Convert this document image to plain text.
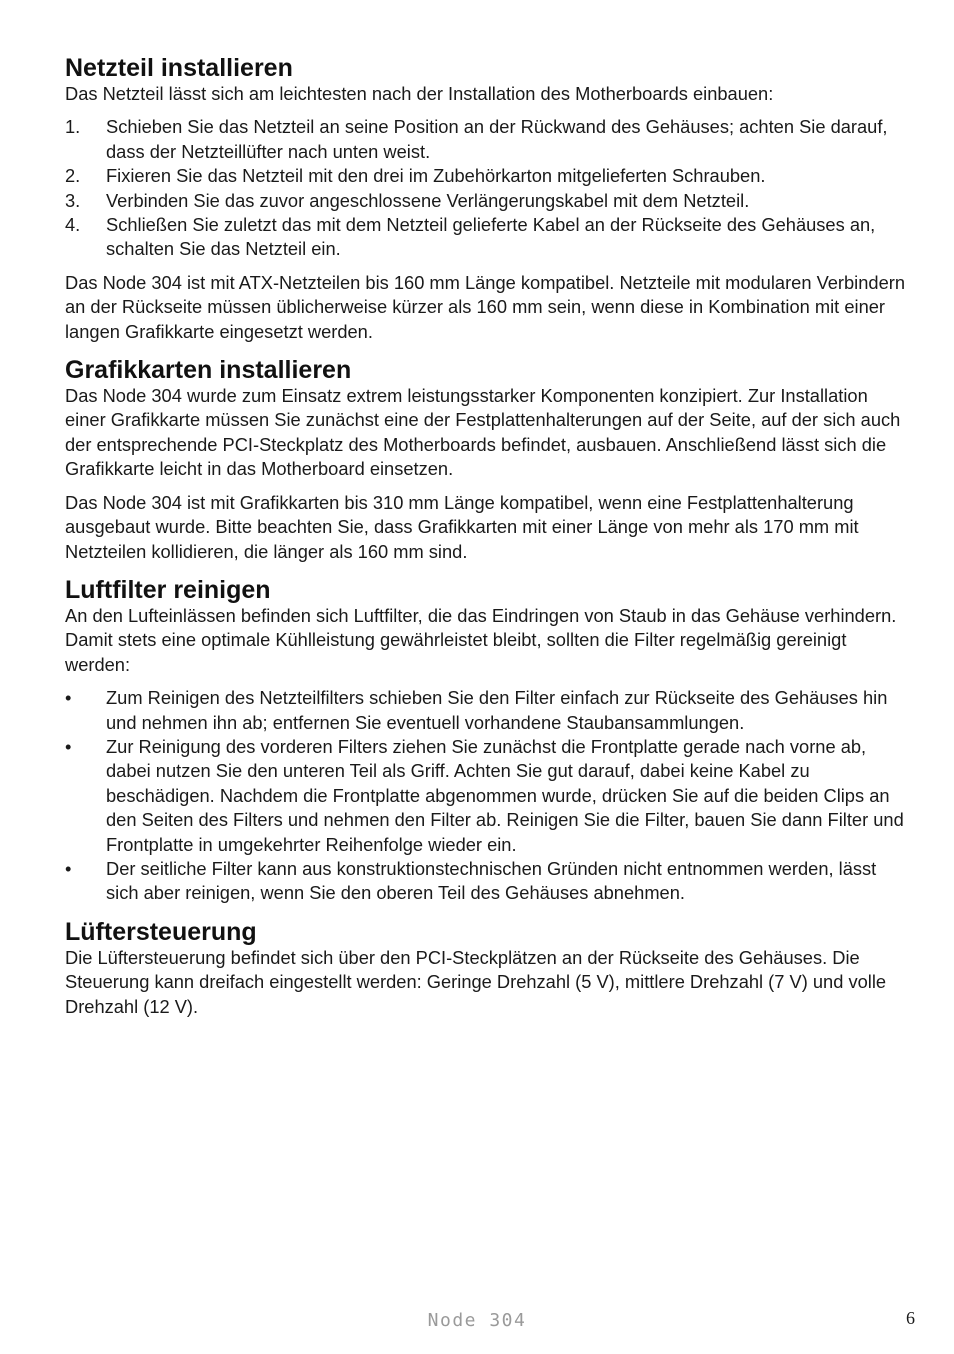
Netzteil installieren

Das Netzteil lässt sich am leichtesten nach der Installation des Motherboards einbauen:

1. Schieben Sie das Netzteil an seine Position an der Rückwand des Gehäuses; achten Sie darauf, dass der Netzteillüfter nach unten weist.
2. Fixieren Sie das Netzteil mit den drei im Zubehörkarton mitgelieferten Schrauben.
3. Verbinden Sie das zuvor angeschlossene Verlängerungskabel mit dem Netzteil.
4. Schließen Sie zuletzt das mit dem Netzteil gelieferte Kabel an der Rückseite des Gehäuses an, schalten Sie das Netzteil ein.

Das Node 304 ist mit ATX-Netzteilen bis 160 mm Länge kompatibel. Netzteile mit modularen Verbindern an der Rückseite müssen üblicherweise kürzer als 160 mm sein, wenn diese in Kombination mit einer langen Grafikkarte eingesetzt werden.

Grafikkarten installieren

Das Node 304 wurde zum Einsatz extrem leistungsstarker Komponenten konzipiert. Zur Installation einer Grafikkarte müssen Sie zunächst eine der Festplattenhalterungen auf der Seite, auf der sich auch der entsprechende PCI-Steckplatz des Motherboards befindet, ausbauen. Anschließend lässt sich die Grafikkarte leicht in das Motherboard einsetzen.

Das Node 304 ist mit Grafikkarten bis 310 mm Länge kompatibel, wenn eine Festplattenhalterung ausgebaut wurde. Bitte beachten Sie, dass Grafikkarten mit einer Länge von mehr als 170 mm mit Netzteilen kollidieren, die länger als 160 mm sind.

Luftfilter reinigen

An den Lufteinlässen befinden sich Luftfilter, die das Eindringen von Staub in das Gehäuse verhindern. Damit stets eine optimale Kühlleistung gewährleistet bleibt, sollten die Filter regelmäßig gereinigt werden:

• Zum Reinigen des Netzteilfilters schieben Sie den Filter einfach zur Rückseite des Gehäuses hin und nehmen ihn ab; entfernen Sie eventuell vorhandene Staubansammlungen.
• Zur Reinigung des vorderen Filters ziehen Sie zunächst die Frontplatte gerade nach vorne ab, dabei nutzen Sie den unteren Teil als Griff. Achten Sie gut darauf, dabei keine Kabel zu beschädigen. Nachdem die Frontplatte abgenommen wurde, drücken Sie auf die beiden Clips an den Seiten des Filters und nehmen den Filter ab. Reinigen Sie die Filter, bauen Sie dann Filter und Frontplatte in umgekehrter Reihenfolge wieder ein.
• Der seitliche Filter kann aus konstruktionstechnischen Gründen nicht entnommen werden, lässt sich aber reinigen, wenn Sie den oberen Teil des Gehäuses abnehmen.
Lüftersteuerung

Die Lüftersteuerung befindet sich über den PCI-Steckplätzen an der Rückseite des Gehäuses. Die Steuerung kann dreifach eingestellt werden: Geringe Drehzahl (5 V), mittlere Drehzahl (7 V) und volle Drehzahl (12 V).

Node 304	6
